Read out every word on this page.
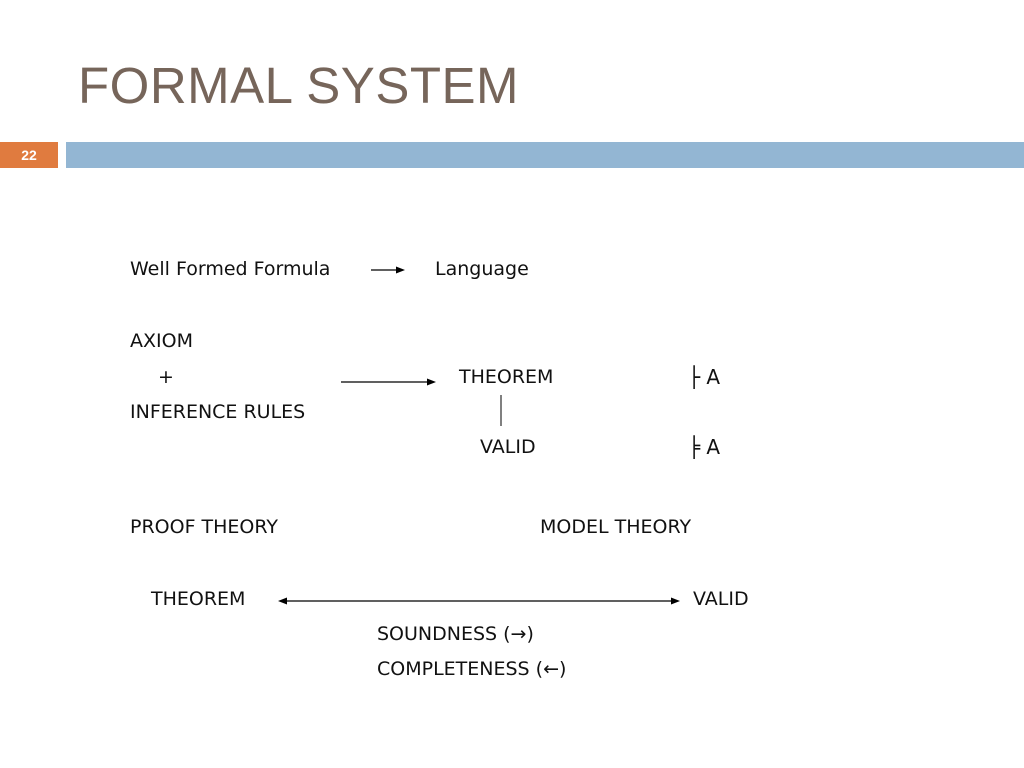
FORMAL SYSTEM
22
Well Formed Formula	Language
AXIOM
+
INFERENCE RULES
THEOREM	├ A
VALID	╞ A
PROOF THEORY	MODEL THEORY
THEOREM	VALID
SOUNDNESS (→)
COMPLETENESS (←)
